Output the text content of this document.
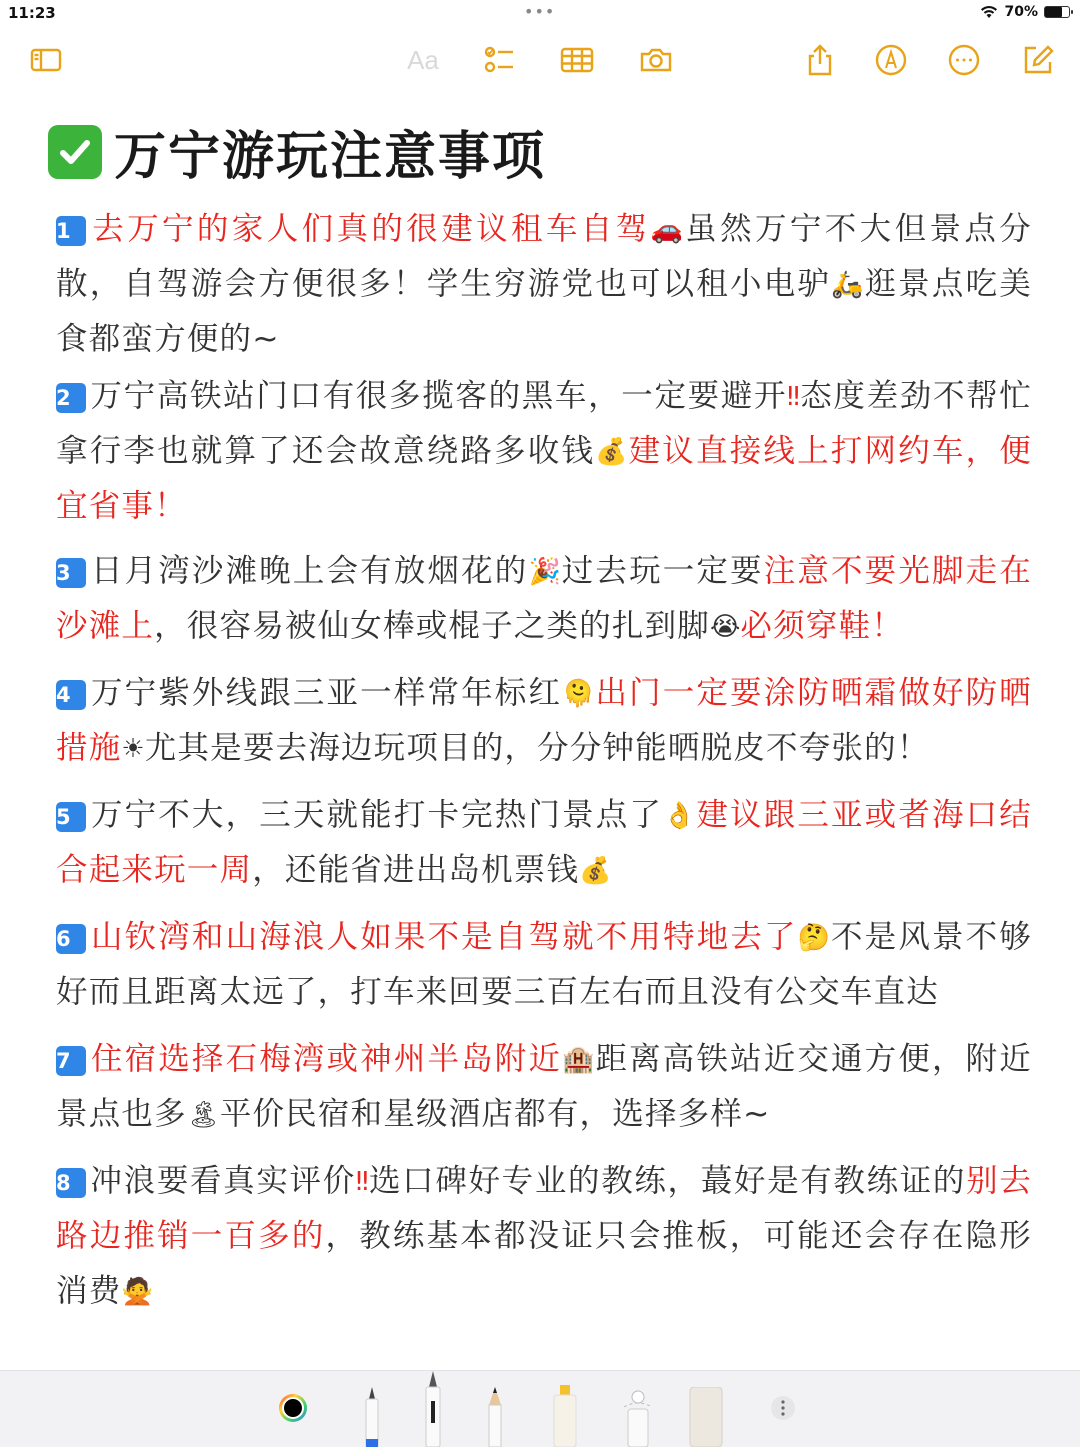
11:23	•••	70%
Aa
万宁游玩注意事项

1 去万宁的家人们真的很建议租车自驾🚗虽然万宁不大但景点分散，自驾游会方便很多！学生穷游党也可以租小电驴🛵逛景点吃美食都蛮方便的~

2 万宁高铁站门口有很多揽客的黑车，一定要避开‼态度差劲不帮忙拿行李也就算了还会故意绕路多收钱💰建议直接线上打网约车，便宜省事！

3 日月湾沙滩晚上会有放烟花的🎉过去玩一定要注意不要光脚走在沙滩上，很容易被仙女棒或棍子之类的扎到脚😭必须穿鞋！

4 万宁紫外线跟三亚一样常年标红🫠出门一定要涂防晒霜做好防晒措施☀尤其是要去海边玩项目的，分分钟能晒脱皮不夸张的！

5 万宁不大，三天就能打卡完热门景点了👌建议跟三亚或者海口结合起来玩一周，还能省进出岛机票钱💰

6 山钦湾和山海浪人如果不是自驾就不用特地去了🤔不是风景不够好而且距离太远了，打车来回要三百左右而且没有公交车直达

7 住宿选择石梅湾或神州半岛附近🏨距离高铁站近交通方便，附近景点也多🏝平价民宿和星级酒店都有，选择多样~

8 冲浪要看真实评价‼选口碑好专业的教练，蕞好是有教练证的别去路边推销一百多的，教练基本都没证只会推板，可能还会存在隐形消费🙅
